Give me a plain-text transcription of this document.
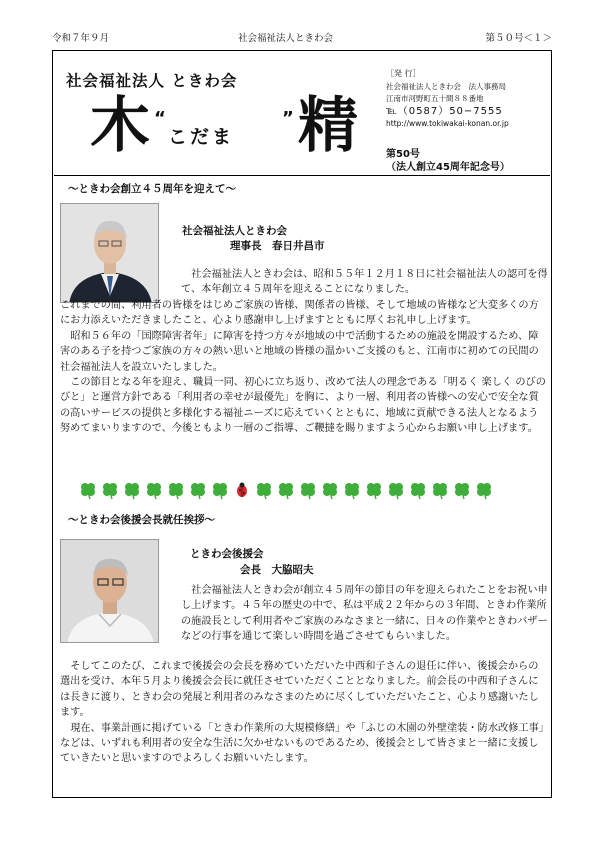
令和７年９月	社会福祉法人ときわ会	第５０号＜１＞
社会福祉法人 ときわ会
木 “
こだま
” 精
［発 行］
社会福祉法人ときわ会　法人事務局
江南市河野町五十間８８番地
℡（0587）50−7555
http://www.tokiwakai-konan.or.jp
第50号
（法人創立45周年記念号）
～ときわ会創立４５周年を迎えて～
社会福祉法人ときわ会
理事長　春日井昌市

社会福祉法人ときわ会は、昭和５５年１２月１８日に社会福祉法人の認可を得て、本年創立４５周年を迎えることになりました。

これまでの間、利用者の皆様をはじめご家族の皆様、関係者の皆様、そして地域の皆様など大変多くの方にお力添えいただきましたこと、心より感謝申し上げますとともに厚くお礼申し上げます。

昭和５６年の「国際障害者年」に障害を持つ方々が地域の中で活動するための施設を開設するため、障害のある子を持つご家族の方々の熱い思いと地域の皆様の温かいご支援のもと、江南市に初めての民間の社会福祉法人を設立いたしました。

この節目となる年を迎え、職員一同、初心に立ち返り、改めて法人の理念である「明るく 楽しく のびのびと」と運営方針である「利用者の幸せが最優先」を胸に、より一層、利用者の皆様への安心で安全な質の高いサービスの提供と多様化する福祉ニーズに応えていくとともに、地域に貢献できる法人となるよう努めてまいりますので、今後ともより一層のご指導、ご鞭撻を賜りますよう心からお願い申し上げます。

～ときわ会後援会長就任挨拶～
ときわ会後援会
会長　大脇昭夫

社会福祉法人ときわ会が創立４５周年の節目の年を迎えられたことをお祝い申し上げます。４５年の歴史の中で、私は平成２２年からの３年間、ときわ作業所の施設長として利用者やご家族のみなさまと一緒に、日々の作業やときわバザーなどの行事を通じて楽しい時間を過ごさせてもらいました。

そしてこのたび、これまで後援会の会長を務めていただいた中西和子さんの退任に伴い、後援会からの選出を受け、本年５月より後援会会長に就任させていただくこととなりました。前会長の中西和子さんには長きに渡り、ときわ会の発展と利用者のみなさまのために尽くしていただいたこと、心より感謝いたします。

現在、事業計画に掲げている「ときわ作業所の大規模修繕」や「ふじの木園の外壁塗装・防水改修工事」などは、いずれも利用者の安全な生活に欠かせないものであるため、後援会として皆さまと一緒に支援していきたいと思いますのでよろしくお願いいたします。
